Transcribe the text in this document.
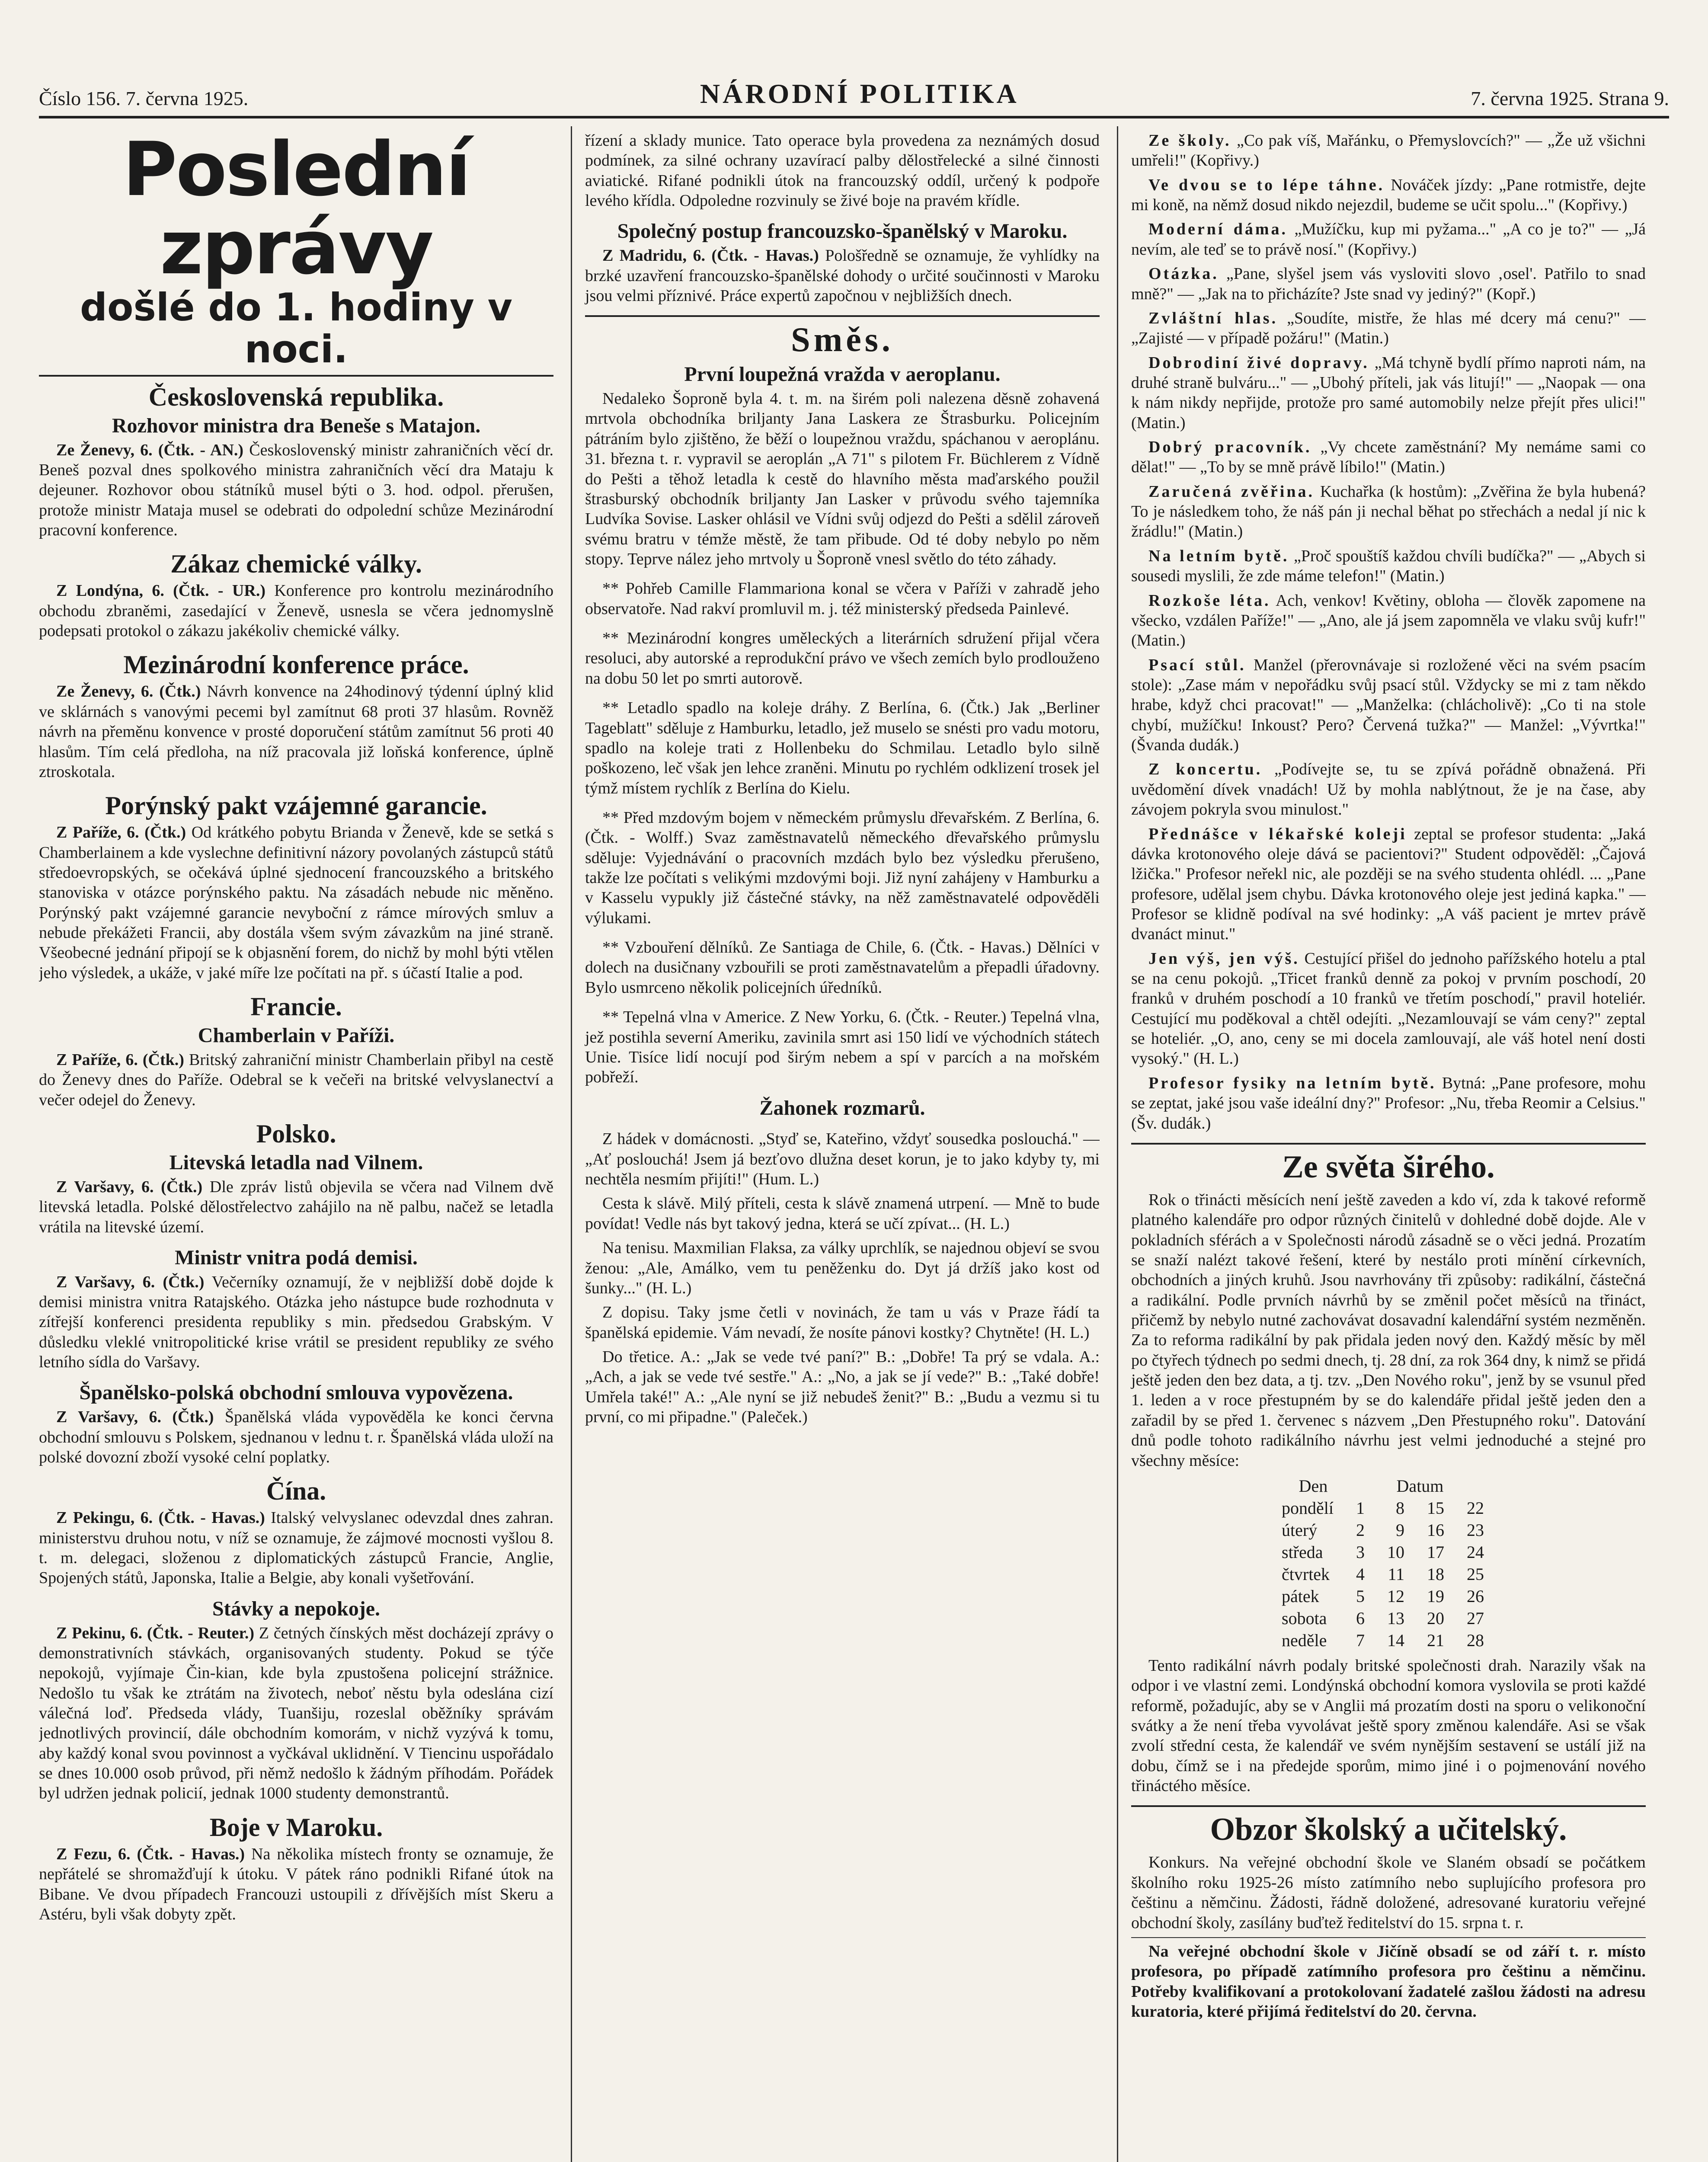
Číslo 156. 7. června 1925.	NÁRODNÍ POLITIKA	7. června 1925. Strana 9.
Poslední zprávy
došlé do 1. hodiny v noci.
Československá republika.
Rozhovor ministra dra Beneše s Matajon.

Ze Ženevy, 6. (Čtk. - AN.) Československý ministr zahraničních věcí dr. Beneš pozval dnes spolkového ministra zahraničních věcí dra Mataju k dejeuner. Rozhovor obou státníků musel býti o 3. hod. odpol. přerušen, protože ministr Mataja musel se odebrati do odpolední schůze Mezinárodní pracovní konference.

Zákaz chemické války.

Z Londýna, 6. (Čtk. - UR.) Konference pro kontrolu mezinárodního obchodu zbraněmi, zasedající v Ženevě, usnesla se včera jednomyslně podepsati protokol o zákazu jakékoliv chemické války.

Mezinárodní konference práce.

Ze Ženevy, 6. (Čtk.) Návrh konvence na 24hodinový týdenní úplný klid ve sklárnách s vanovými pecemi byl zamítnut 68 proti 37 hlasům. Rovněž návrh na přeměnu konvence v prosté doporučení státům zamítnut 56 proti 40 hlasům. Tím celá předloha, na níž pracovala již loňská konference, úplně ztroskotala.

Porýnský pakt vzájemné garancie.

Z Paříže, 6. (Čtk.) Od krátkého pobytu Brianda v Ženevě, kde se setká s Chamberlainem a kde vyslechne definitivní názory povolaných zástupců států středoevropských, se očekává úplné sjednocení francouzského a britského stanoviska v otázce porýnského paktu. Na zásadách nebude nic měněno. Porýnský pakt vzájemné garancie nevyboční z rámce mírových smluv a nebude překážeti Francii, aby dostála všem svým závazkům na jiné straně. Všeobecné jednání připojí se k objasnění forem, do nichž by mohl býti vtělen jeho výsledek, a ukáže, v jaké míře lze počítati na př. s účastí Italie a pod.

Francie.
Chamberlain v Paříži.

Z Paříže, 6. (Čtk.) Britský zahraniční ministr Chamberlain přibyl na cestě do Ženevy dnes do Paříže. Odebral se k večeři na britské velvyslanectví a večer odejel do Ženevy.

Polsko.
Litevská letadla nad Vilnem.

Z Varšavy, 6. (Čtk.) Dle zpráv listů objevila se včera nad Vilnem dvě litevská letadla. Polské dělostřelectvo zahájilo na ně palbu, načež se letadla vrátila na litevské území.

Ministr vnitra podá demisi.

Z Varšavy, 6. (Čtk.) Večerníky oznamují, že v nejbližší době dojde k demisi ministra vnitra Ratajského. Otázka jeho nástupce bude rozhodnuta v zítřejší konferenci presidenta republiky s min. předsedou Grabským. V důsledku vleklé vnitropolitické krise vrátil se president republiky ze svého letního sídla do Varšavy.

Španělsko-polská obchodní smlouva vypovězena.

Z Varšavy, 6. (Čtk.) Španělská vláda vypověděla ke konci června obchodní smlouvu s Polskem, sjednanou v lednu t. r. Španělská vláda uloží na polské dovozní zboží vysoké celní poplatky.

Čína.

Z Pekingu, 6. (Čtk. - Havas.) Italský velvyslanec odevzdal dnes zahran. ministerstvu druhou notu, v níž se oznamuje, že zájmové mocnosti vyšlou 8. t. m. delegaci, složenou z diplomatických zástupců Francie, Anglie, Spojených států, Japonska, Italie a Belgie, aby konali vyšetřování.

Stávky a nepokoje.

Z Pekinu, 6. (Čtk. - Reuter.) Z četných čínských měst docházejí zprávy o demonstrativních stávkách, organisovaných studenty. Pokud se týče nepokojů, vyjímaje Čin-kian, kde byla zpustošena policejní strážnice. Nedošlo tu však ke ztrátám na životech, neboť něstu byla odeslána cizí válečná loď. Předseda vlády, Tuanšiju, rozeslal oběžníky správám jednotlivých provincií, dále obchodním komorám, v nichž vyzývá k tomu, aby každý konal svou povinnost a vyčkával uklidnění. V Tiencinu uspořádalo se dnes 10.000 osob průvod, při němž nedošlo k žádným příhodám. Pořádek byl udržen jednak policií, jednak 1000 studenty demonstrantů.

Boje v Maroku.

Z Fezu, 6. (Čtk. - Havas.) Na několika místech fronty se oznamuje, že nepřátelé se shromažďují k útoku. V pátek ráno podnikli Rifané útok na Bibane. Ve dvou případech Francouzi ustoupili z dřívějších míst Skeru a Astéru, byli však dobyty zpět.

řízení a sklady munice. Tato operace byla provedena za neznámých dosud podmínek, za silné ochrany uzavírací palby dělostřelecké a silné činnosti aviatické. Rifané podnikli útok na francouzský oddíl, určený k podpoře levého křídla. Odpoledne rozvinuly se živé boje na pravém křídle.

Společný postup francouzsko-španělský v Maroku.

Z Madridu, 6. (Čtk. - Havas.) Pološředně se oznamuje, že vyhlídky na brzké uzavření francouzsko-španělské dohody o určité součinnosti v Maroku jsou velmi příznivé. Práce expertů započnou v nejbližších dnech.

Směs.
První loupežná vražda v aeroplanu.

Nedaleko Šoproně byla 4. t. m. na širém poli nalezena děsně zohavená mrtvola obchodníka briljanty Jana Laskera ze Štrasburku. Policejním pátráním bylo zjištěno, že běží o loupežnou vraždu, spáchanou v aeroplánu. 31. března t. r. vypravil se aeroplán „A 71" s pilotem Fr. Büchlerem z Vídně do Pešti a těhož letadla k cestě do hlavního města maďarského použil štrasburský obchodník briljanty Jan Lasker v průvodu svého tajemníka Ludvíka Sovise. Lasker ohlásil ve Vídni svůj odjezd do Pešti a sdělil zároveň svému bratru v témže městě, že tam přibude. Od té doby nebylo po něm stopy. Teprve nález jeho mrtvoly u Šoproně vnesl světlo do této záhady.

** Pohřeb Camille Flammariona konal se včera v Paříži v zahradě jeho observatoře. Nad rakví promluvil m. j. též ministerský předseda Painlevé.

** Mezinárodní kongres uměleckých a literárních sdružení přijal včera resoluci, aby autorské a reprodukční právo ve všech zemích bylo prodlouženo na dobu 50 let po smrti autorově.

** Letadlo spadlo na koleje dráhy. Z Berlína, 6. (Čtk.) Jak „Berliner Tageblatt" sděluje z Hamburku, letadlo, jež muselo se snésti pro vadu motoru, spadlo na koleje trati z Hollenbeku do Schmilau. Letadlo bylo silně poškozeno, leč však jen lehce zraněni. Minutu po rychlém odklizení trosek jel týmž místem rychlík z Berlína do Kielu.

** Před mzdovým bojem v německém průmyslu dřevařském. Z Berlína, 6. (Čtk. - Wolff.) Svaz zaměstnavatelů německého dřevařského průmyslu sděluje: Vyjednávání o pracovních mzdách bylo bez výsledku přerušeno, takže lze počítati s velikými mzdovými boji. Již nyní zahájeny v Hamburku a v Kasselu vypukly již částečné stávky, na něž zaměstnavatelé odpověděli výlukami.

** Vzbouření dělníků. Ze Santiaga de Chile, 6. (Čtk. - Havas.) Dělníci v dolech na dusičnany vzbouřili se proti zaměstnavatelům a přepadli úřadovny. Bylo usmrceno několik policejních úředníků.

** Tepelná vlna v Americe. Z New Yorku, 6. (Čtk. - Reuter.) Tepelná vlna, jež postihla severní Ameriku, zavinila smrt asi 150 lidí ve východních státech Unie. Tisíce lidí nocují pod širým nebem a spí v parcích a na mořském pobřeží.

Žahonek rozmarů.

Z hádek v domácnosti. „Styď se, Kateřino, vždyť sousedka poslouchá." — „Ať poslouchá! Jsem já bezťovo dlužna deset korun, je to jako kdyby ty, mi nechtěla nesmím přijíti!" (Hum. L.)

Cesta k slávě. Milý příteli, cesta k slávě znamená utrpení. — Mně to bude povídat! Vedle nás byt takový jedna, která se učí zpívat... (H. L.)

Na tenisu. Maxmilian Flaksa, za války uprchlík, se najednou objeví se svou ženou: „Ale, Amálko, vem tu peněženku do. Dyt já držíš jako kost od šunky..." (H. L.)

Z dopisu. Taky jsme četli v novinách, že tam u vás v Praze řádí ta španělská epidemie. Vám nevadí, že nosíte pánovi kostky? Chytněte! (H. L.)

Do třetice. A.: „Jak se vede tvé paní?" B.: „Dobře! Ta prý se vdala. A.: „Ach, a jak se vede tvé sestře." A.: „No, a jak se jí vede?" B.: „Také dobře! Umřela také!" A.: „Ale nyní se již nebudeš ženit?" B.: „Budu a vezmu si tu první, co mi připadne." (Paleček.)

Ze školy. „Co pak víš, Mařánku, o Přemyslovcích?" — „Že už všichni umřeli!" (Kopřivy.)

Ve dvou se to lépe táhne. Nováček jízdy: „Pane rotmistře, dejte mi koně, na němž dosud nikdo nejezdil, budeme se učit spolu..." (Kopřivy.)

Moderní dáma. „Mužíčku, kup mi pyžama..." „A co je to?" — „Já nevím, ale teď se to právě nosí." (Kopřivy.)

Otázka. „Pane, slyšel jsem vás vysloviti slovo ‚osel'. Patřilo to snad mně?" — „Jak na to přicházíte? Jste snad vy jediný?" (Kopř.)

Zvláštní hlas. „Soudíte, mistře, že hlas mé dcery má cenu?" — „Zajisté — v případě požáru!" (Matin.)

Dobrodiní živé dopravy. „Má tchyně bydlí přímo naproti nám, na druhé straně bulváru..." — „Ubohý příteli, jak vás litují!" — „Naopak — ona k nám nikdy nepřijde, protože pro samé automobily nelze přejít přes ulici!" (Matin.)

Dobrý pracovník. „Vy chcete zaměstnání? My nemáme sami co dělat!" — „To by se mně právě líbilo!" (Matin.)

Zaručená zvěřina. Kuchařka (k hostům): „Zvěřina že byla hubená? To je následkem toho, že náš pán ji nechal běhat po střechách a nedal jí nic k žrádlu!" (Matin.)

Na letním bytě. „Proč spouštíš každou chvíli budíčka?" — „Abych si sousedi myslili, že zde máme telefon!" (Matin.)

Rozkoše léta. Ach, venkov! Květiny, obloha — člověk zapomene na všecko, vzdálen Paříže!" — „Ano, ale já jsem zapomněla ve vlaku svůj kufr!" (Matin.)

Psací stůl. Manžel (přerovnávaje si rozložené věci na svém psacím stole): „Zase mám v nepořádku svůj psací stůl. Vždycky se mi z tam někdo hrabe, když chci pracovat!" — „Manželka: (chlácholivě): „Co ti na stole chybí, mužíčku! Inkoust? Pero? Červená tužka?" — Manžel: „Vývrtka!" (Švanda dudák.)

Z koncertu. „Podívejte se, tu se zpívá pořádně obnažená. Při uvědomění dívek vnadách! Už by mohla nablýtnout, že je na čase, aby závojem pokryla svou minulost."

Přednášce v lékařské koleji zeptal se profesor studenta: „Jaká dávka krotonového oleje dává se pacientovi?" Student odpověděl: „Čajová lžička." Profesor neřekl nic, ale později se na svého studenta ohlédl. ... „Pane profesore, udělal jsem chybu. Dávka krotonového oleje jest jediná kapka." — Profesor se klidně podíval na své hodinky: „A váš pacient je mrtev právě dvanáct minut."

Jen výš, jen výš. Cestující přišel do jednoho pařížského hotelu a ptal se na cenu pokojů. „Třicet franků denně za pokoj v prvním poschodí, 20 franků v druhém poschodí a 10 franků ve třetím poschodí," pravil hoteliér. Cestující mu poděkoval a chtěl odejíti. „Nezamlouvají se vám ceny?" zeptal se hoteliér. „O, ano, ceny se mi docela zamlouvají, ale váš hotel není dosti vysoký." (H. L.)

Profesor fysiky na letním bytě. Bytná: „Pane profesore, mohu se zeptat, jaké jsou vaše ideální dny?" Profesor: „Nu, třeba Reomir a Celsius." (Šv. dudák.)

Ze světa širého.

Rok o třinácti měsících není ještě zaveden a kdo ví, zda k takové reformě platného kalendáře pro odpor různých činitelů v dohledné době dojde. Ale v pokladních sférách a v Společnosti národů zásadně se o věci jedná. Prozatím se snaží nalézt takové řešení, které by nestálo proti mínění církevních, obchodních a jiných kruhů. Jsou navrhovány tři způsoby: radikální, částečná a radikální. Podle prvních návrhů by se změnil počet měsíců na třináct, přičemž by nebylo nutné zachovávat dosavadní kalendářní systém nezměněn. Za to reforma radikální by pak přidala jeden nový den. Každý měsíc by měl po čtyřech týdnech po sedmi dnech, tj. 28 dní, za rok 364 dny, k nimž se přidá ještě jeden den bez data, a tj. tzv. „Den Nového roku", jenž by se vsunul před 1. leden a v roce přestupném by se do kalendáře přidal ještě jeden den a zařadil by se před 1. červenec s názvem „Den Přestupného roku". Datování dnů podle tohoto radikálního návrhu jest velmi jednoduché a stejné pro všechny měsíce:

Den	Datum			
pondělí	1	8	15	22
úterý	2	9	16	23
středa	3	10	17	24
čtvrtek	4	11	18	25
pátek	5	12	19	26
sobota	6	13	20	27
neděle	7	14	21	28

Tento radikální návrh podaly britské společnosti drah. Narazily však na odpor i ve vlastní zemi. Londýnská obchodní komora vyslovila se proti každé reformě, požadujíc, aby se v Anglii má prozatím dosti na sporu o velikonoční svátky a že není třeba vyvolávat ještě spory změnou kalendáře. Asi se však zvolí střední cesta, že kalendář ve svém nynějším sestavení se ustálí již na dobu, čímž se i na předejde sporům, mimo jiné i o pojmenování nového třináctého měsíce.

Obzor školský a učitelský.

Konkurs. Na veřejné obchodní škole ve Slaném obsadí se počátkem školního roku 1925-26 místo zatímního nebo suplujícího profesora pro češtinu a němčinu. Žádosti, řádně doložené, adresované kuratoriu veřejné obchodní školy, zasílány buďtež ředitelství do 15. srpna t. r.

Na veřejné obchodní škole v Jičíně obsadí se od září t. r. místo profesora, po případě zatímního profesora pro češtinu a němčinu. Potřeby kvalifikovaní a protokolovaní žadatelé zašlou žádosti na adresu kuratoria, které přijímá ředitelství do 20. června.
